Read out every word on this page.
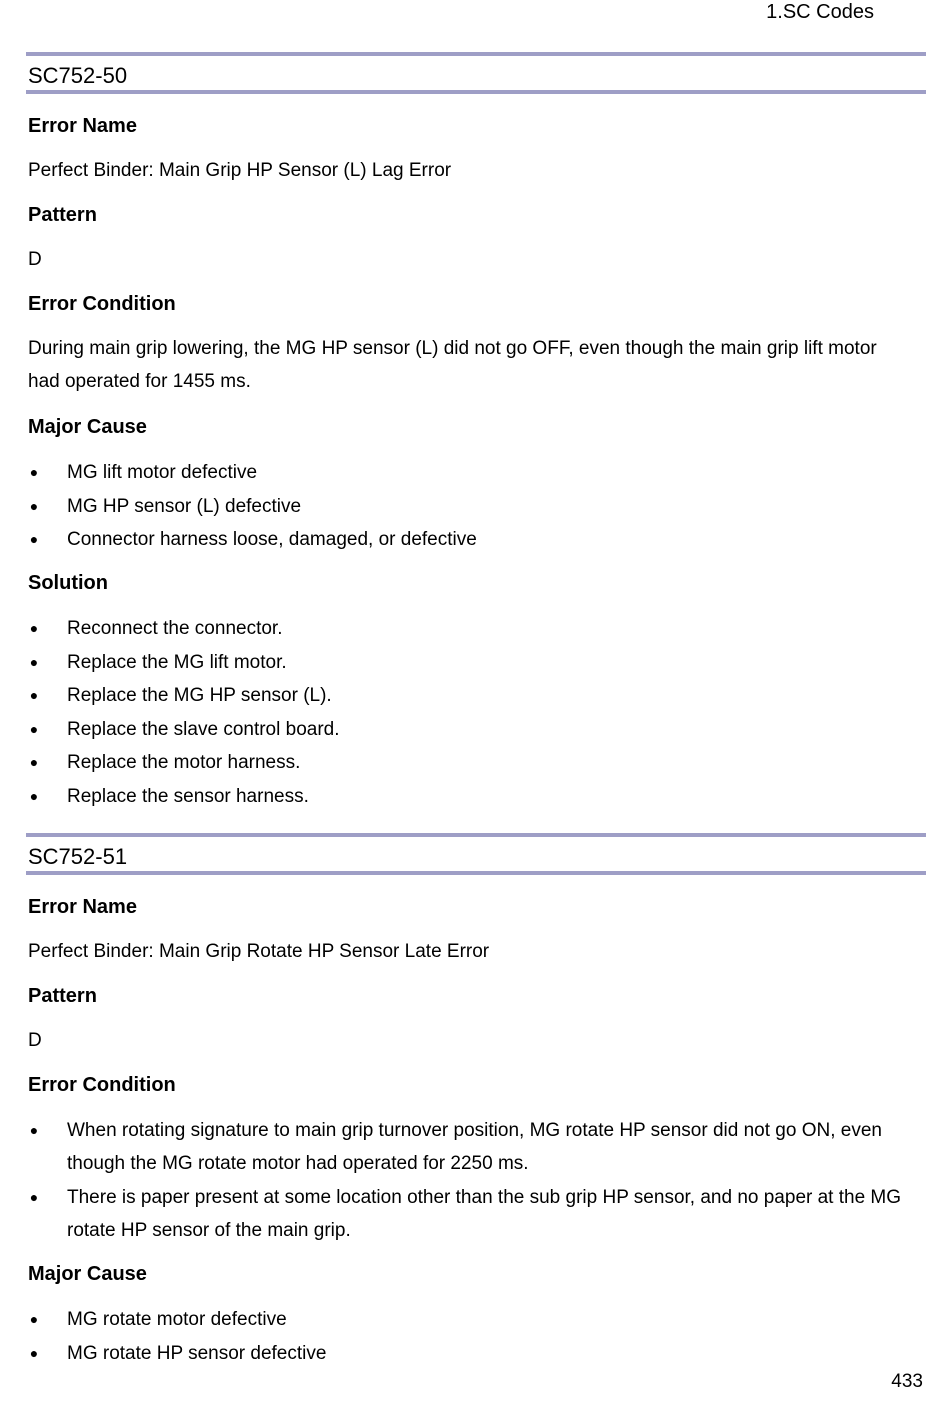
1.SC Codes
SC752-50
Error Name
Perfect Binder: Main Grip HP Sensor (L) Lag Error
Pattern
D
Error Condition
During main grip lowering, the MG HP sensor (L) did not go OFF, even though the main grip lift motor had operated for 1455 ms.
Major Cause
● MG lift motor defective
● MG HP sensor (L) defective
● Connector harness loose, damaged, or defective
Solution
● Reconnect the connector.
● Replace the MG lift motor.
● Replace the MG HP sensor (L).
● Replace the slave control board.
● Replace the motor harness.
● Replace the sensor harness.
SC752-51
Error Name
Perfect Binder: Main Grip Rotate HP Sensor Late Error
Pattern
D
Error Condition
● When rotating signature to main grip turnover position, MG rotate HP sensor did not go ON, even though the MG rotate motor had operated for 2250 ms.
● There is paper present at some location other than the sub grip HP sensor, and no paper at the MG rotate HP sensor of the main grip.
Major Cause
● MG rotate motor defective
● MG rotate HP sensor defective
433
